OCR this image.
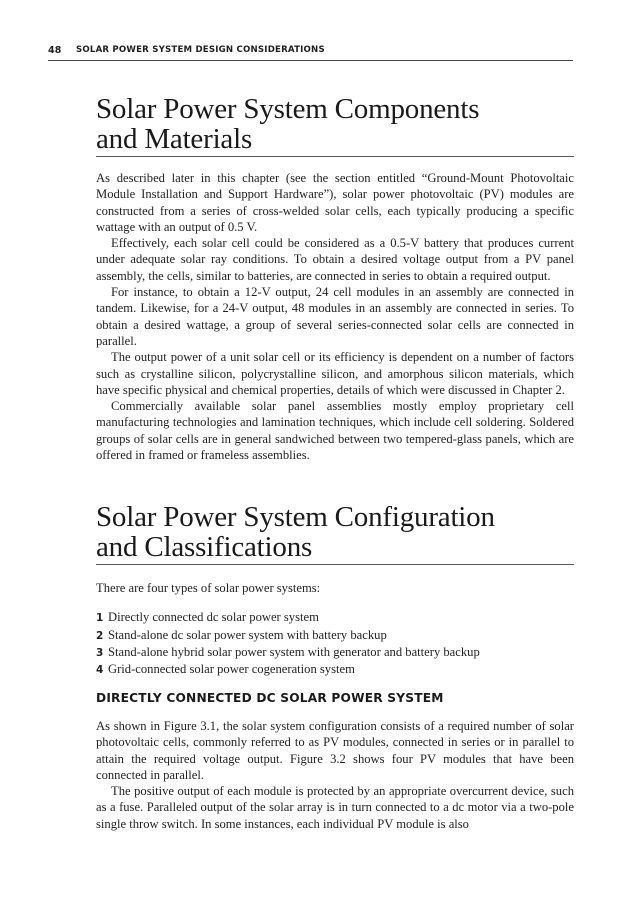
48 SOLAR POWER SYSTEM DESIGN CONSIDERATIONS
Solar Power System Components
and Materials

As described later in this chapter (see the section entitled “Ground-Mount Photovoltaic Module Installation and Support Hardware”), solar power photovoltaic (PV) modules are constructed from a series of cross-welded solar cells, each typically producing a specific wattage with an output of 0.5 V.

Effectively, each solar cell could be considered as a 0.5-V battery that produces current under adequate solar ray conditions. To obtain a desired voltage output from a PV panel assembly, the cells, similar to batteries, are connected in series to obtain a required output.

For instance, to obtain a 12-V output, 24 cell modules in an assembly are connected in tandem. Likewise, for a 24-V output, 48 modules in an assembly are connected in series. To obtain a desired wattage, a group of several series-connected solar cells are connected in parallel.

The output power of a unit solar cell or its efficiency is dependent on a number of factors such as crystalline silicon, polycrystalline silicon, and amorphous silicon materials, which have specific physical and chemical properties, details of which were discussed in Chapter 2.

Commercially available solar panel assemblies mostly employ proprietary cell manufacturing technologies and lamination techniques, which include cell soldering. Soldered groups of solar cells are in general sandwiched between two tempered-glass panels, which are offered in framed or frameless assemblies.

Solar Power System Configuration
and Classifications

There are four types of solar power systems:

1 Directly connected dc solar power system
2 Stand-alone dc solar power system with battery backup
3 Stand-alone hybrid solar power system with generator and battery backup
4 Grid-connected solar power cogeneration system
DIRECTLY CONNECTED DC SOLAR POWER SYSTEM

As shown in Figure 3.1, the solar system configuration consists of a required number of solar photovoltaic cells, commonly referred to as PV modules, connected in series or in parallel to attain the required voltage output. Figure 3.2 shows four PV modules that have been connected in parallel.

The positive output of each module is protected by an appropriate overcurrent device, such as a fuse. Paralleled output of the solar array is in turn connected to a dc motor via a two-pole single throw switch. In some instances, each individual PV module is also
